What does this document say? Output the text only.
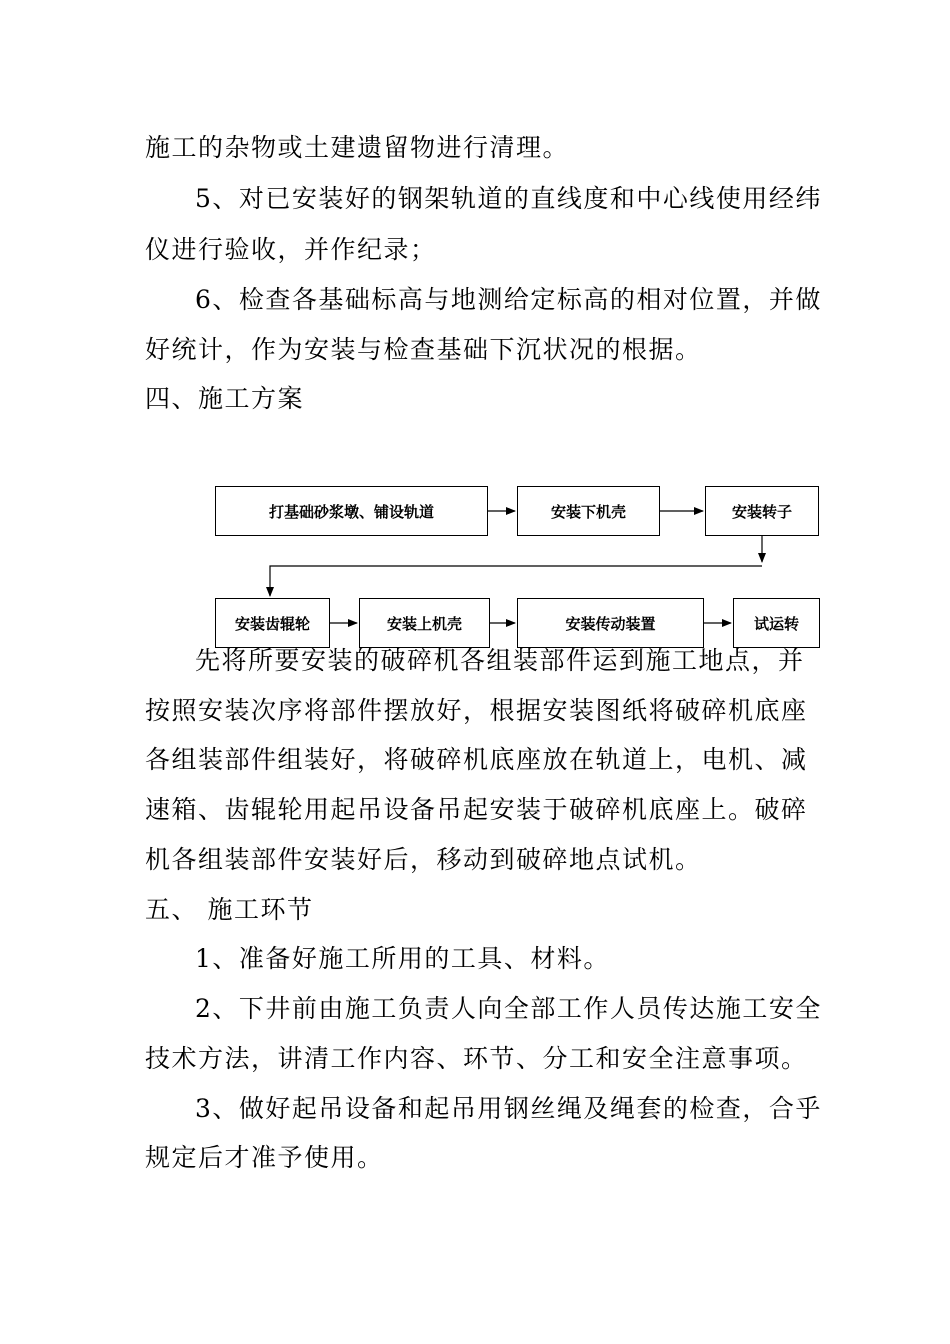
施工的杂物或土建遗留物进行清理。
5、对已安装好的钢架轨道的直线度和中心线使用经纬
仪进行验收，并作纪录；
6、检查各基础标高与地测给定标高的相对位置，并做
好统计，作为安装与检查基础下沉状况的根据。
四、施工方案
打基础砂浆墩、铺设轨道	安装下机壳	安装转子
安装齿辊轮	安装上机壳	安装传动装置	试运转
先将所要安装的破碎机各组装部件运到施工地点，并
按照安装次序将部件摆放好，根据安装图纸将破碎机底座
各组装部件组装好，将破碎机底座放在轨道上，电机、减
速箱、齿辊轮用起吊设备吊起安装于破碎机底座上。破碎
机各组装部件安装好后，移动到破碎地点试机。
五、 施工环节
1、准备好施工所用的工具、材料。
2、下井前由施工负责人向全部工作人员传达施工安全
技术方法，讲清工作内容、环节、分工和安全注意事项。
3、做好起吊设备和起吊用钢丝绳及绳套的检查，合乎
规定后才准予使用。
